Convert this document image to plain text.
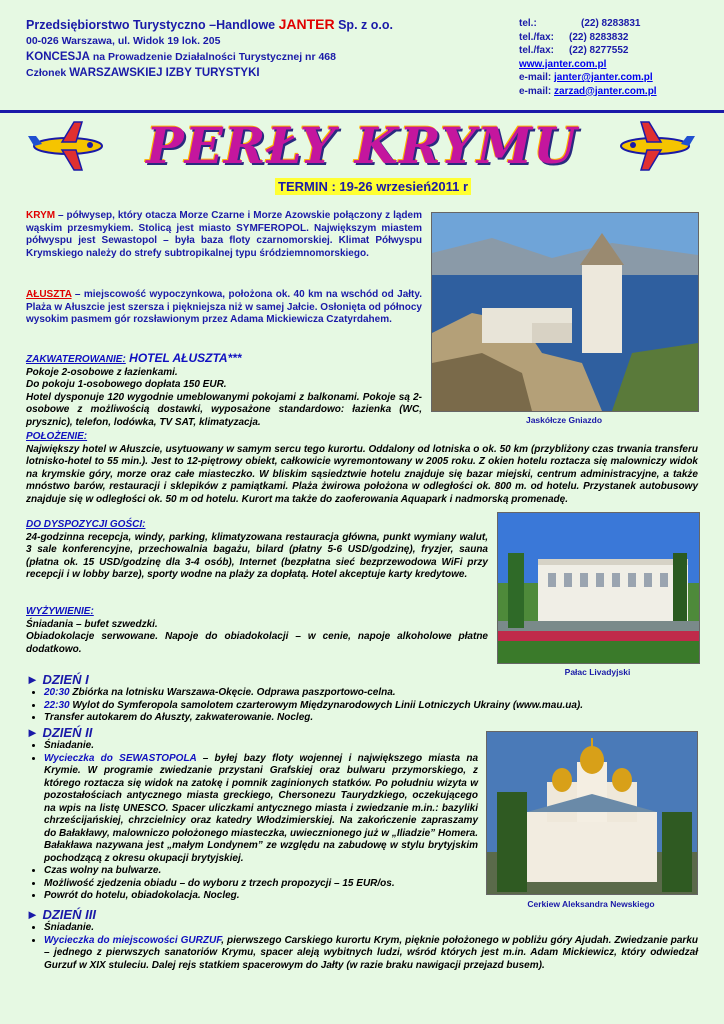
Przedsiębiorstwo Turystyczno –Handlowe JANTER Sp. z o.o.
00-026 Warszawa, ul. Widok 19 lok. 205
KONCESJA na Prowadzenie Działalności Turystycznej nr 468
Członek WARSZAWSKIEJ IZBY TURYSTYKI
tel.:	(22) 8283831
tel./fax: (22) 8283832
tel./fax: (22) 8277552
www.janter.com.pl
e-mail: janter@janter.com.pl
e-mail: zarzad@janter.com.pl
PERŁY KRYMU
TERMIN : 19-26 wrzesień2011 r
KRYM – półwysep, który otacza Morze Czarne i Morze Azowskie połączony z lądem wąskim przesmykiem. Stolicą jest miasto SYMFEROPOL. Największym miastem półwyspu jest Sewastopol – była baza floty czarnomorskiej. Klimat Półwyspu Krymskiego należy do strefy subtropikalnej typu śródziemnomorskiego.
AŁUSZTA – miejscowość wypoczynkowa, położona ok. 40 km na wschód od Jałty. Plaża w Ałuszcie jest szersza i piękniejsza niż w samej Jałcie. Osłonięta od północy wysokim pasmem gór rozsławionym przez Adama Mickiewicza Czatyrdahem.
Jaskółcze Gniazdo
ZAKWATEROWANIE: HOTEL AŁUSZTA***
Pokoje 2-osobowe z łazienkami.
Do pokoju 1-osobowego dopłata 150 EUR.
Hotel dysponuje 120 wygodnie umeblowanymi pokojami z balkonami. Pokoje są 2-osobowe z możliwością dostawki, wyposażone standardowo: łazienka (WC, prysznic), telefon, lodówka, TV SAT, klimatyzacja.
POŁOŻENIE:
Największy hotel w Ałuszcie, usytuowany w samym sercu tego kurortu. Oddalony od lotniska o ok. 50 km (przybliżony czas trwania transferu lotnisko-hotel to 55 min.). Jest to 12-piętrowy obiekt, całkowicie wyremontowany w 2005 roku. Z okien hotelu roztacza się malowniczy widok na krymskie góry, morze oraz całe miasteczko. W bliskim sąsiedztwie hotelu znajduje się bazar miejski, centrum administracyjne, a także mnóstwo barów, restauracji i sklepików z pamiątkami. Plaża żwirowa położona w odległości ok. 800 m. od hotelu. Przystanek autobusowy znajduje się w odległości ok. 50 m od hotelu. Kurort ma także do zaoferowania Aquapark i nadmorską promenadę.
DO DYSPOZYCJI GOŚCI:
24-godzinna recepcja, windy, parking, klimatyzowana restauracja główna, punkt wymiany walut, 3 sale konferencyjne, przechowalnia bagażu, bilard (płatny 5-6 USD/godzinę), fryzjer, sauna (płatna ok. 15 USD/godzinę dla 3-4 osób), Internet (bezpłatna sieć bezprzewodowa WiFi przy recepcji i w lobby barze), sporty wodne na plaży za dopłatą. Hotel akceptuje karty kredytowe.
WYŻYWIENIE:
Śniadania – bufet szwedzki.
Obiadokolacje serwowane. Napoje do obiadokolacji – w cenie, napoje alkoholowe płatne dodatkowo.
Pałac Livadyjski
► DZIEŃ I
• 20:30 Zbiórka na lotnisku Warszawa-Okęcie. Odprawa paszportowo-celna.
• 22:30 Wylot do Symferopola samolotem czarterowym Międzynarodowych Linii Lotniczych Ukrainy (www.mau.ua).
• Transfer autokarem do Ałuszty, zakwaterowanie. Nocleg.
► DZIEŃ II
• Śniadanie.
• Wycieczka do SEWASTOPOLA – byłej bazy floty wojennej i największego miasta na Krymie. W programie zwiedzanie przystani Grafskiej oraz bulwaru przymorskiego, z którego roztacza się widok na zatokę i pomnik zaginionych statków. Po południu wizyta w pozostałościach antycznego miasta greckiego, Chersonezu Taurydzkiego, oczekującego na wpis na listę UNESCO. Spacer uliczkami antycznego miasta i zwiedzanie m.in.: bazyliki chrześcijańskiej, chrzcielnicy oraz katedry Włodzimierskiej. Na zakończenie zapraszamy do Bałakławy, malowniczo położonego miasteczka, uwiecznionego już w „Iliadzie” Homera. Bałakława nazywana jest „małym Londynem” ze względu na zabudowę w stylu brytyjskim pochodzącą z okresu okupacji brytyjskiej.
• Czas wolny na bulwarze.
• Możliwość zjedzenia obiadu – do wyboru z trzech propozycji – 15 EUR/os.
• Powrót do hotelu, obiadokolacja. Nocleg.
Cerkiew Aleksandra Newskiego
► DZIEŃ III
• Śniadanie.
• Wycieczka do miejscowości GURZUF, pierwszego Carskiego kurortu Krym, pięknie położonego w pobliżu góry Ajudah. Zwiedzanie parku – jednego z pierwszych sanatoriów Krymu, spacer aleją wybitnych ludzi, wśród których jest m.in. Adam Mickiewicz, który odwiedzał Gurzuf w XIX stuleciu. Dalej rejs statkiem spacerowym do Jałty (w razie braku nawigacji przejazd busem).
